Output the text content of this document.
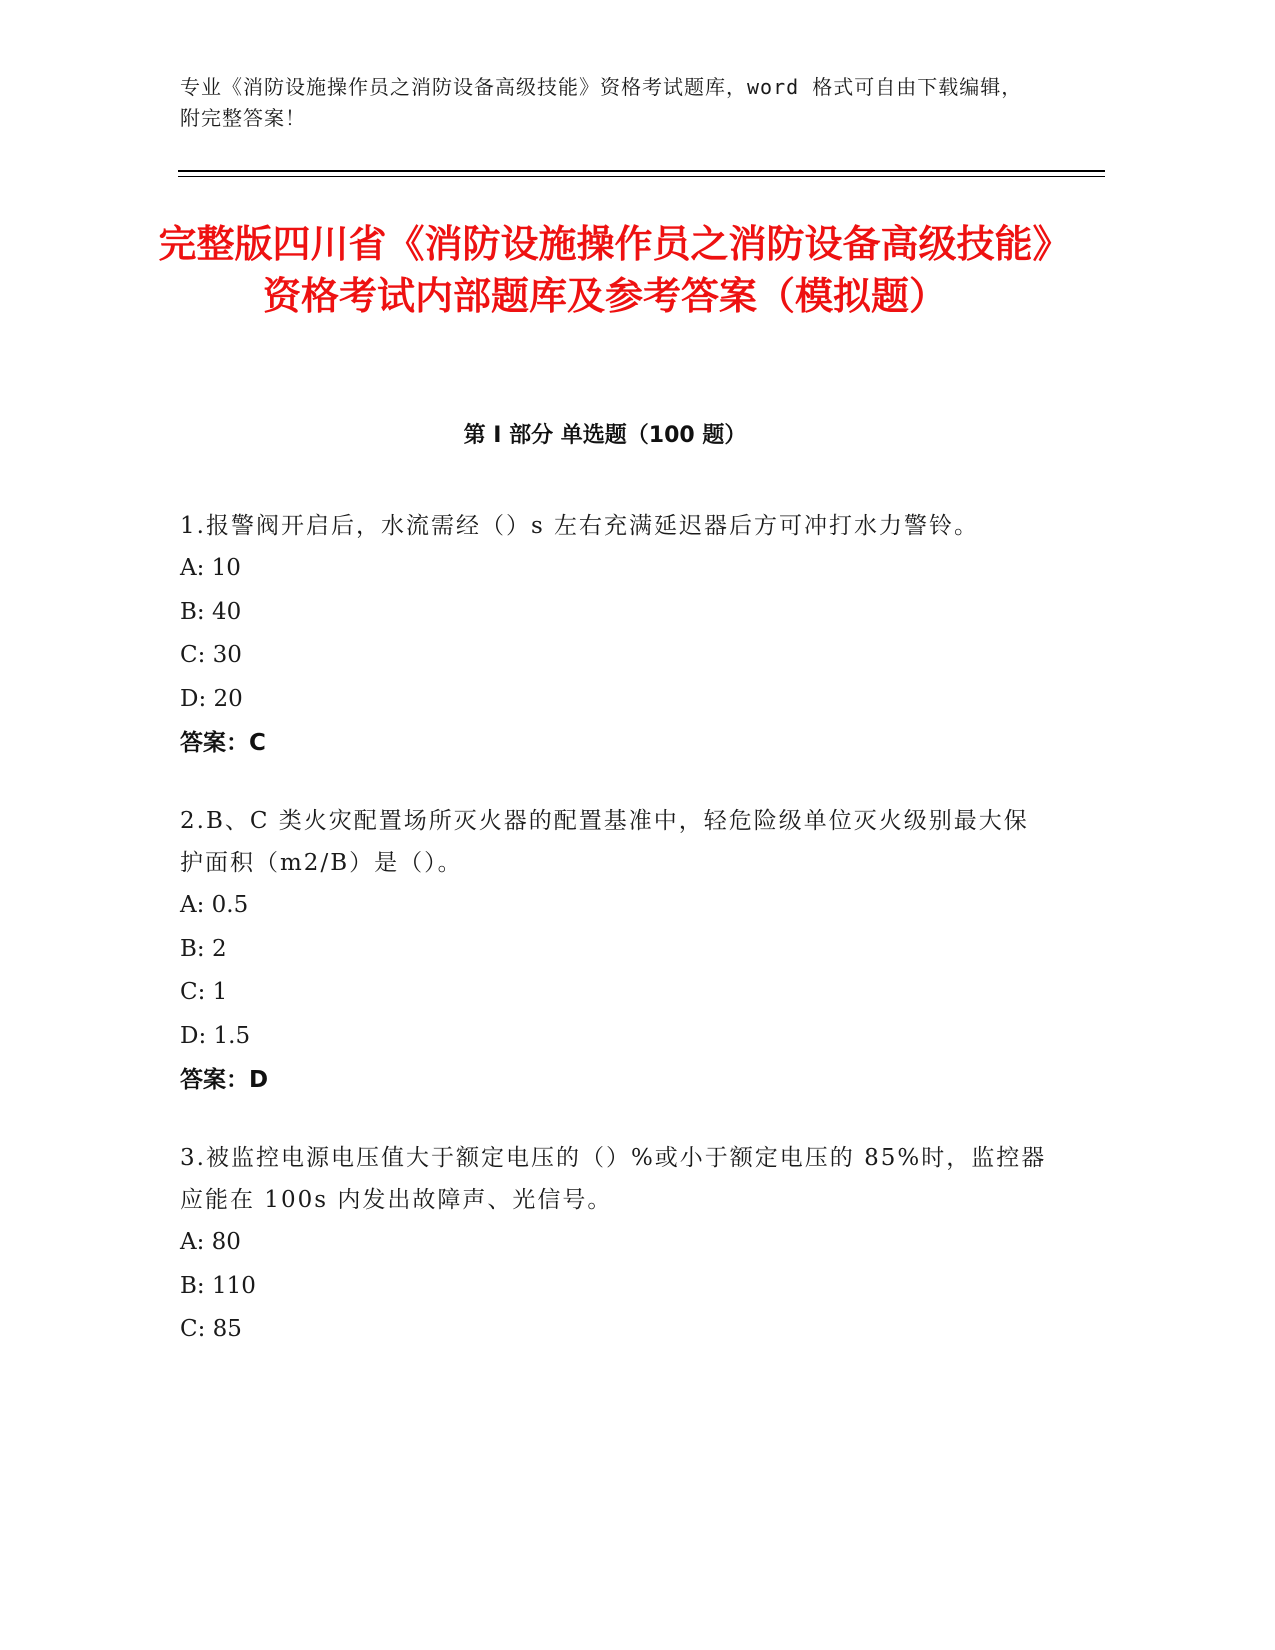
专业《消防设施操作员之消防设备高级技能》资格考试题库，word 格式可自由下载编辑，附完整答案！
完整版四川省《消防设施操作员之消防设备高级技能》资格考试内部题库及参考答案（模拟题）
第 I 部分 单选题（100 题）
1.报警阀开启后，水流需经（）s 左右充满延迟器后方可冲打水力警铃。
A: 10
B: 40
C: 30
D: 20
答案：C
2.B、C 类火灾配置场所灭火器的配置基准中，轻危险级单位灭火级别最大保护面积（m2/B）是（）。
A: 0.5
B: 2
C: 1
D: 1.5
答案：D
3.被监控电源电压值大于额定电压的（）%或小于额定电压的 85%时，监控器应能在 100s 内发出故障声、光信号。
A: 80
B: 110
C: 85
